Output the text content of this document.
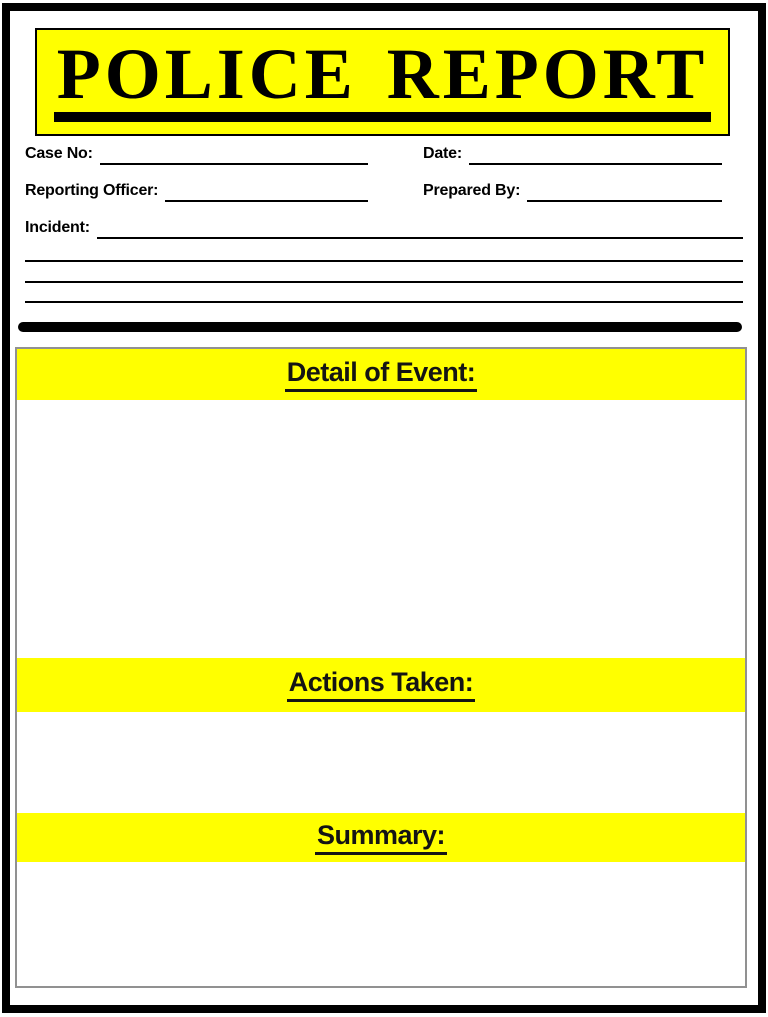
POLICE REPORT
Case No:	Date:
Reporting Officer:	Prepared By:
Incident:
Detail of Event:
Actions Taken:
Summary:
